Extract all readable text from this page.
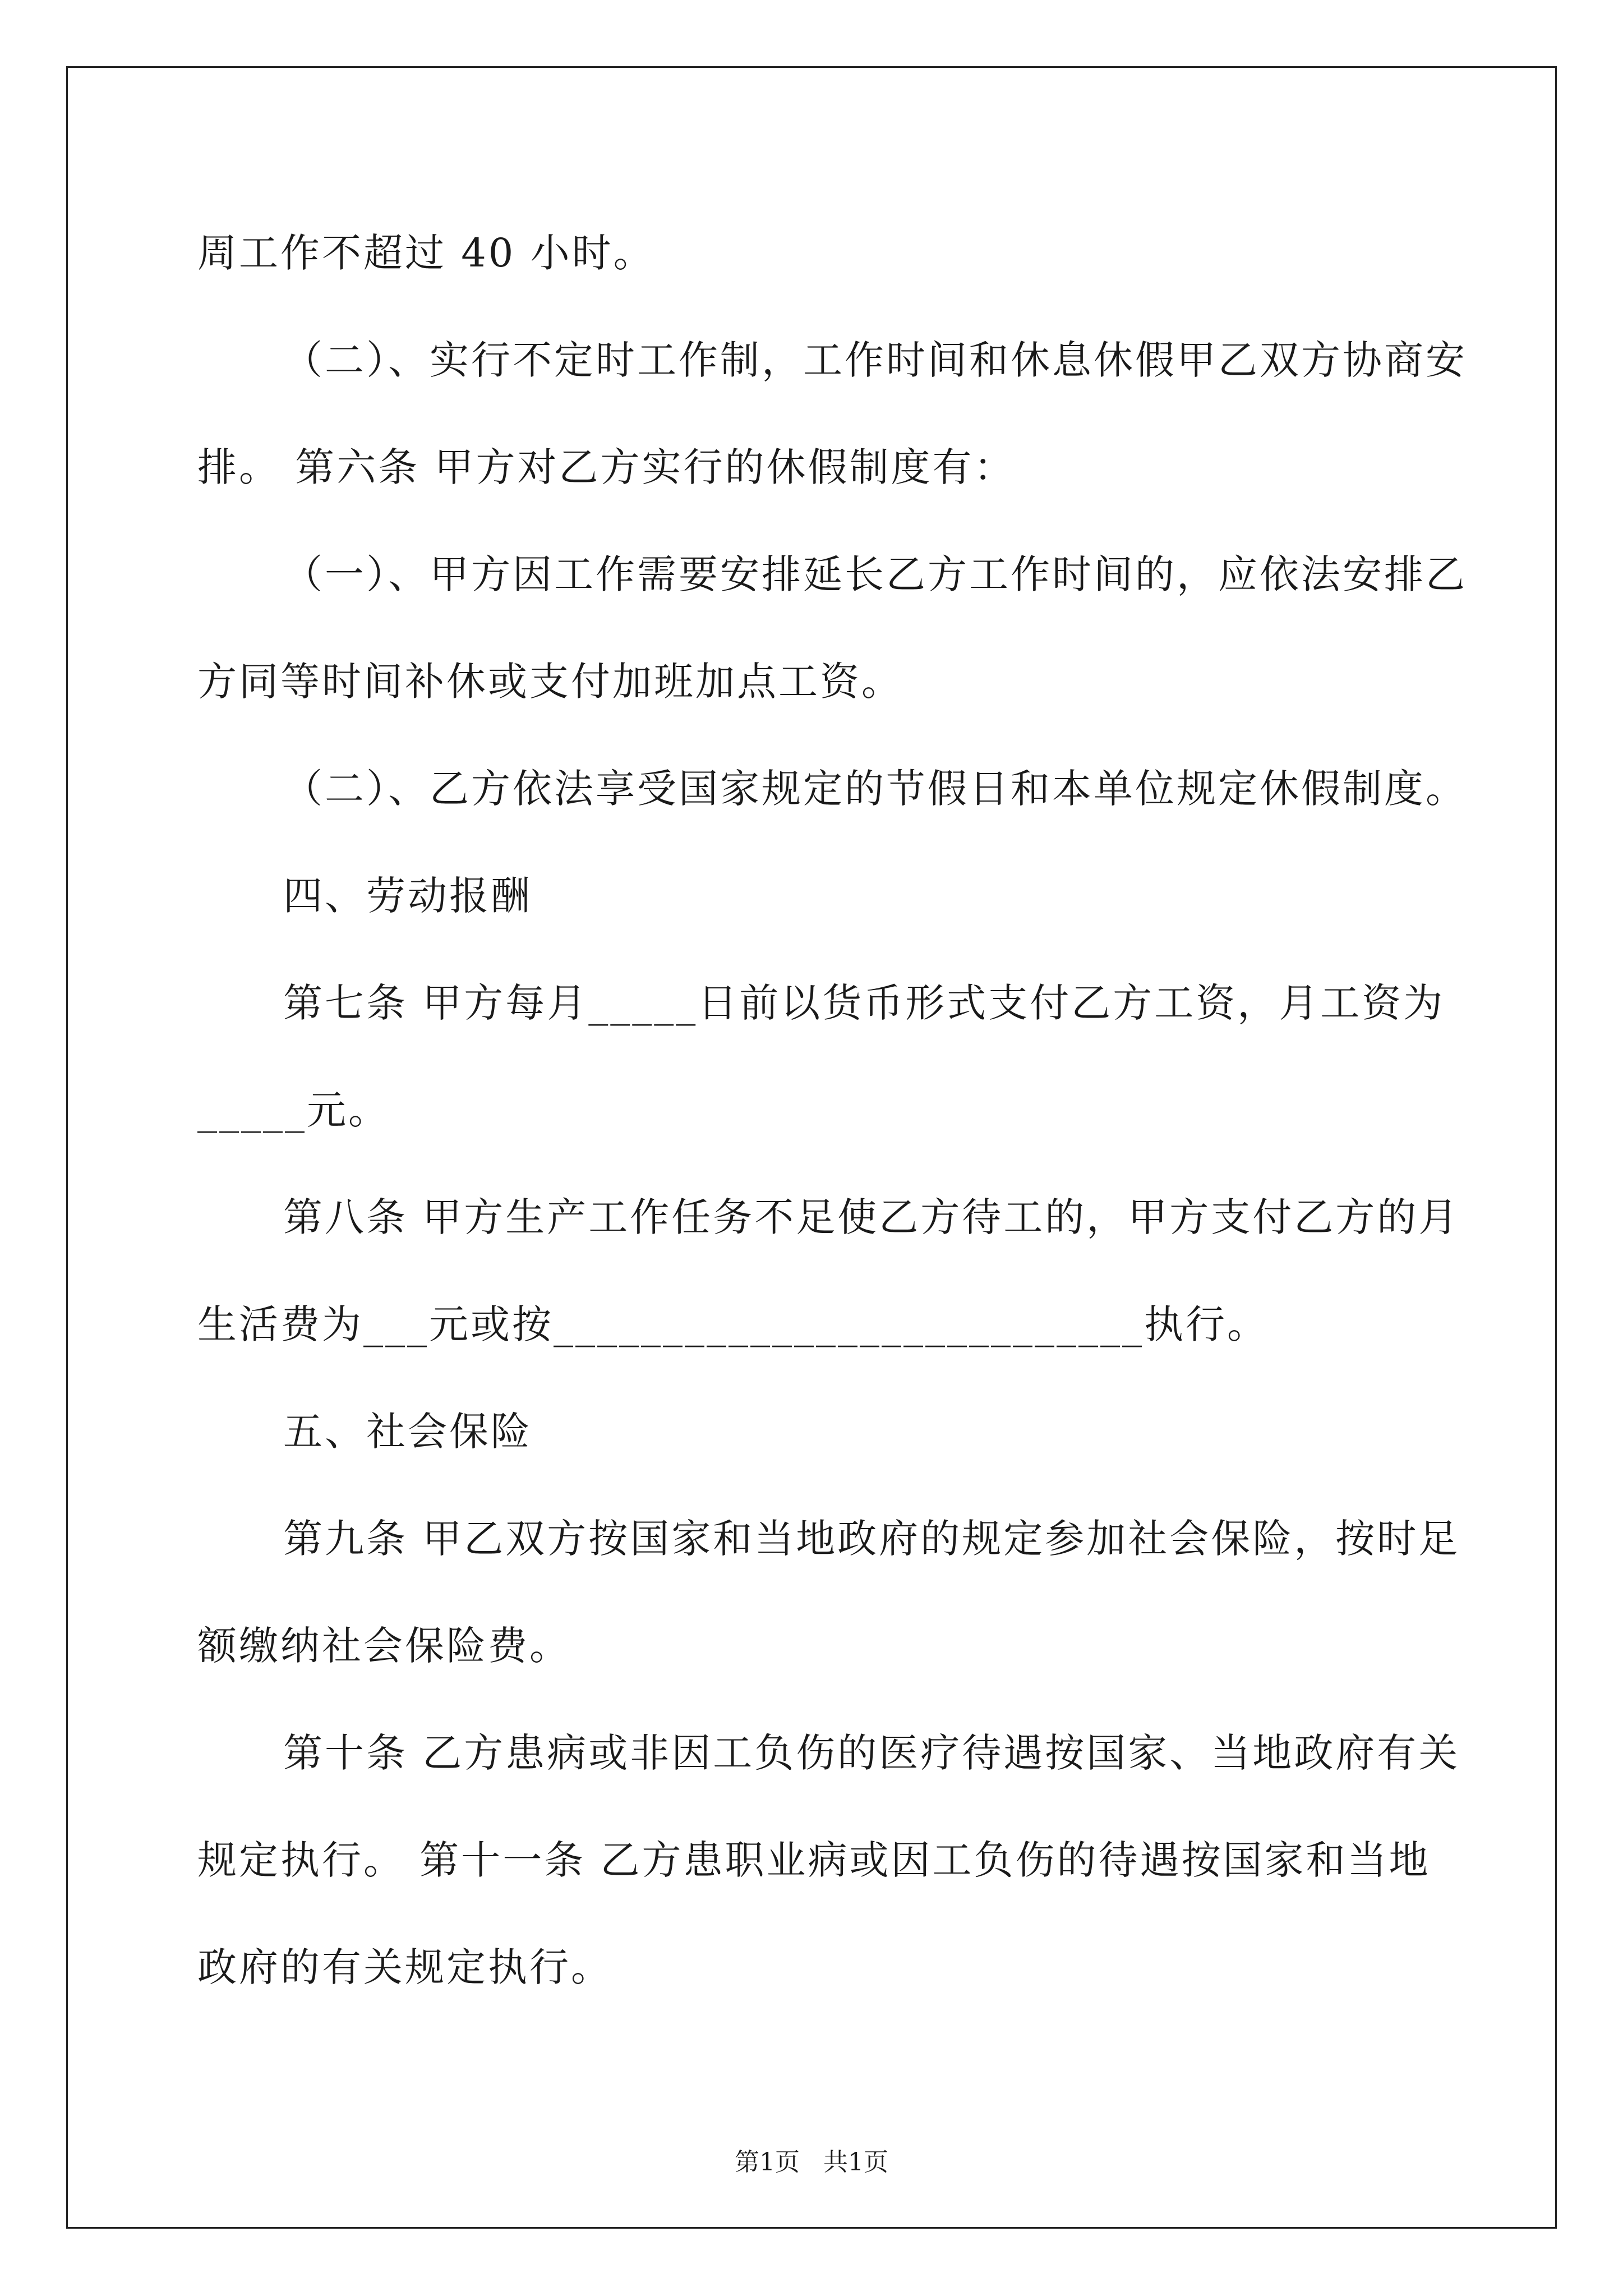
周工作不超过 40 小时。
（二）、实行不定时工作制，工作时间和休息休假甲乙双方协商安
排。 第六条 甲方对乙方实行的休假制度有：
（一）、甲方因工作需要安排延长乙方工作时间的，应依法安排乙
方同等时间补休或支付加班加点工资。
（二）、乙方依法享受国家规定的节假日和本单位规定休假制度。
四、劳动报酬
第七条 甲方每月_____日前以货币形式支付乙方工资，月工资为
_____元。
第八条 甲方生产工作任务不足使乙方待工的，甲方支付乙方的月
生活费为___元或按___________________________执行。
五、社会保险
第九条 甲乙双方按国家和当地政府的规定参加社会保险，按时足
额缴纳社会保险费。
第十条 乙方患病或非因工负伤的医疗待遇按国家、当地政府有关
规定执行。 第十一条 乙方患职业病或因工负伤的待遇按国家和当地
政府的有关规定执行。
第1页   共1页
